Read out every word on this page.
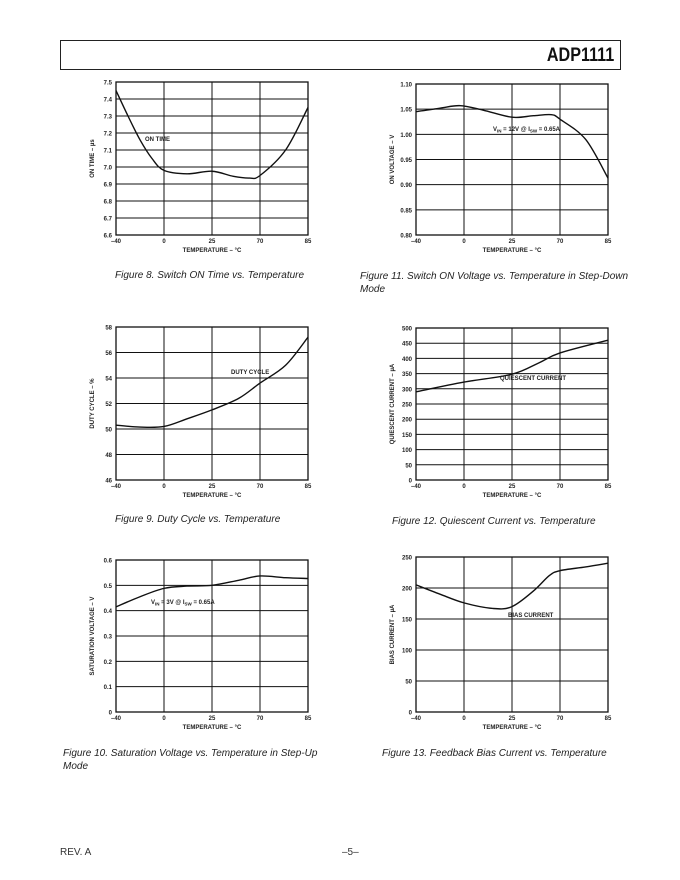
ADP1111
6.6
6.7
6.8
6.9
7.0
7.1
7.2
7.3
7.4
7.5
–40	0	25	70	85
TEMPERATURE – °C
ON TIME – µs	ON TIME
0.80
0.85
0.90
0.95
1.00
1.05
1.10
–40	0	25	70	85
TEMPERATURE – °C
ON VOLTAGE – V
$V_{IN} = 12V$ @ $I_{SW} = 0.65A$
46
48
50
52
54
56
58
–40	0	25	70	85
TEMPERATURE – °C
DUTY CYCLE – %
DUTY CYCLE
0
50
100
150
200
250
300
350
400
450
500
–40	0	25	70	85
TEMPERATURE – °C
QUIESCENT CURRENT – µA	QUIESCENT CURRENT
0
0.1
0.2
0.3
0.4
0.5
0.6
–40	0	25	70	85
TEMPERATURE – °C
SATURATION VOLTAGE – V	$V_{IN} = 3V$ @ $I_{SW} = 0.65A$
0
50
100
150
200
250
–40	0	25	70	85
TEMPERATURE – °C
BIAS CURRENT – µA	BIAS CURRENT
Figure 8. Switch ON Time vs. Temperature	Figure 11. Switch ON Voltage vs. Temperature in Step-Down Mode
Figure 9. Duty Cycle vs. Temperature	Figure 12. Quiescent Current vs. Temperature
Figure 10. Saturation Voltage vs. Temperature in Step-Up Mode
Figure 13. Feedback Bias Current vs. Temperature
REV. A	–5–
